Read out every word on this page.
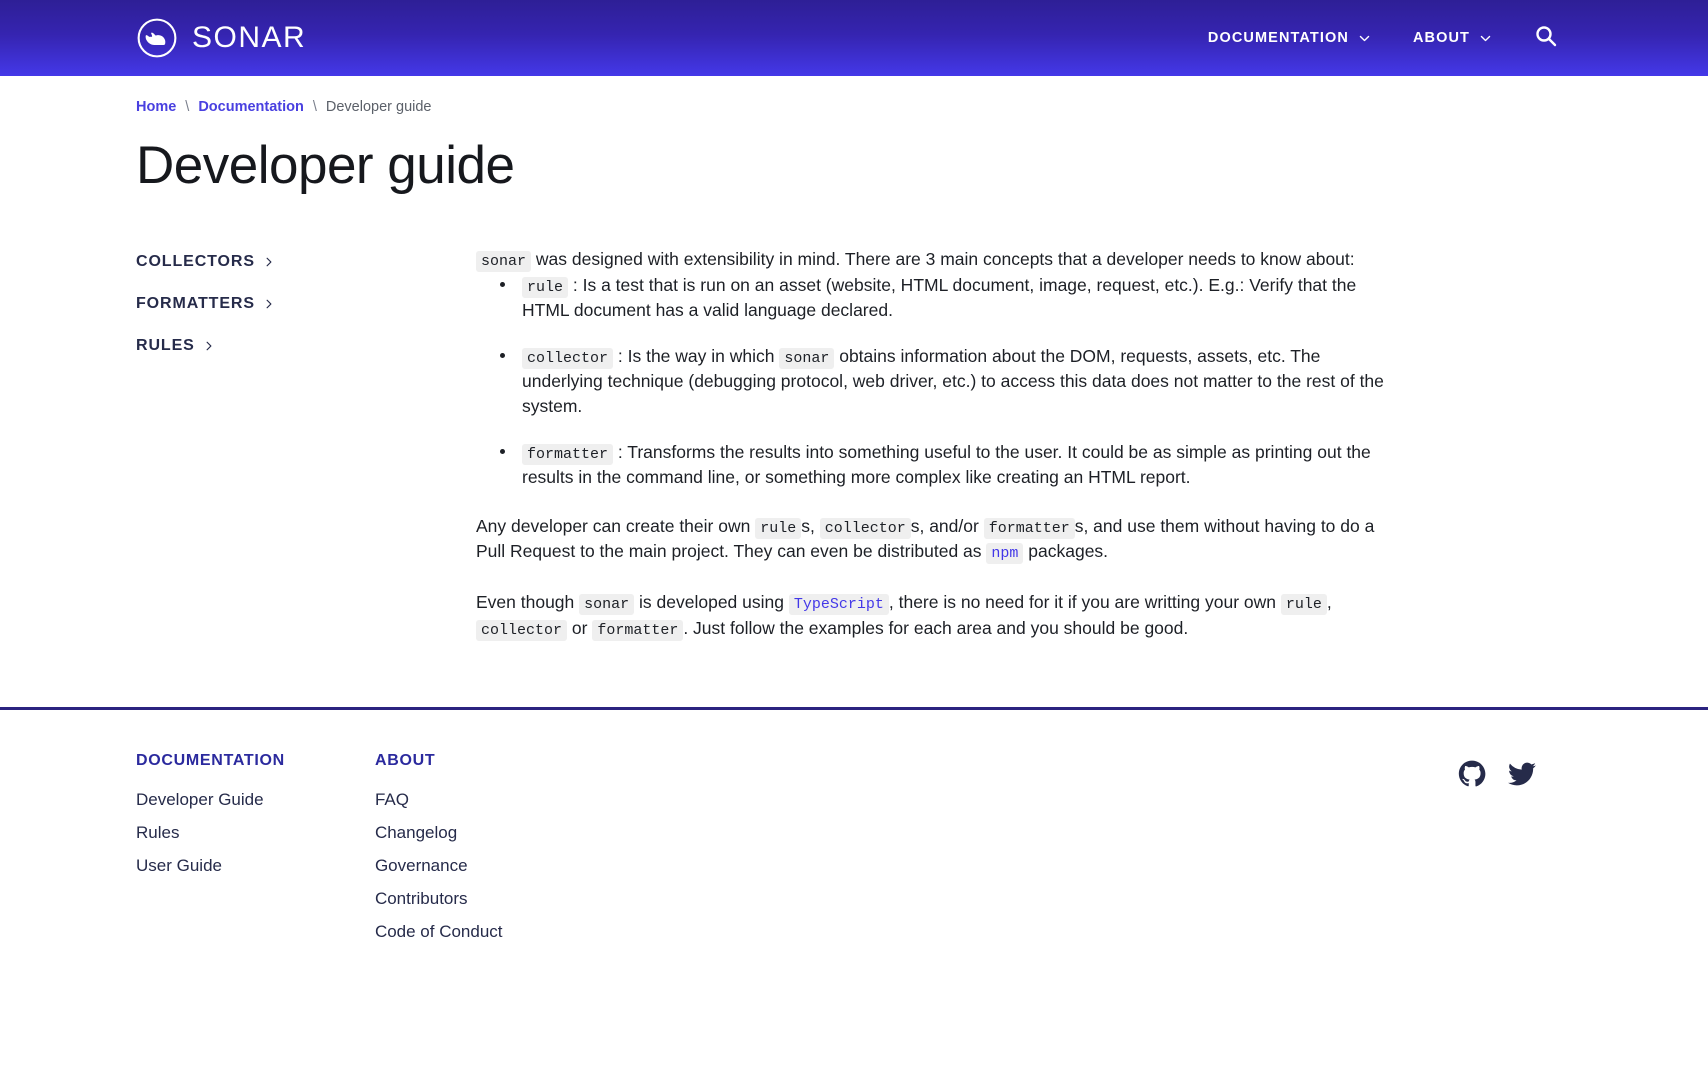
SONAR	DOCUMENTATION	ABOUT
Home \ Documentation \ Developer guide
Developer guide
COLLECTORS
FORMATTERS
RULES

sonar was designed with extensibility in mind. There are 3 main concepts that a developer needs to know about:

rule : Is a test that is run on an asset (website, HTML document, image, request, etc.). E.g.: Verify that the HTML document has a valid language declared.
collector : Is the way in which sonar obtains information about the DOM, requests, assets, etc. The underlying technique (debugging protocol, web driver, etc.) to access this data does not matter to the rest of the system.
formatter : Transforms the results into something useful to the user. It could be as simple as printing out the results in the command line, or something more complex like creating an HTML report.

Any developer can create their own rule s, collector s, and/or formatter s, and use them without having to do a Pull Request to the main project. They can even be distributed as npm packages.

Even though sonar is developed using TypeScript , there is no need for it if you are writting your own rule , collector or formatter . Just follow the examples for each area and you should be good.

DOCUMENTATION
Developer Guide
Rules
User Guide
ABOUT
FAQ
Changelog
Governance
Contributors
Code of Conduct
